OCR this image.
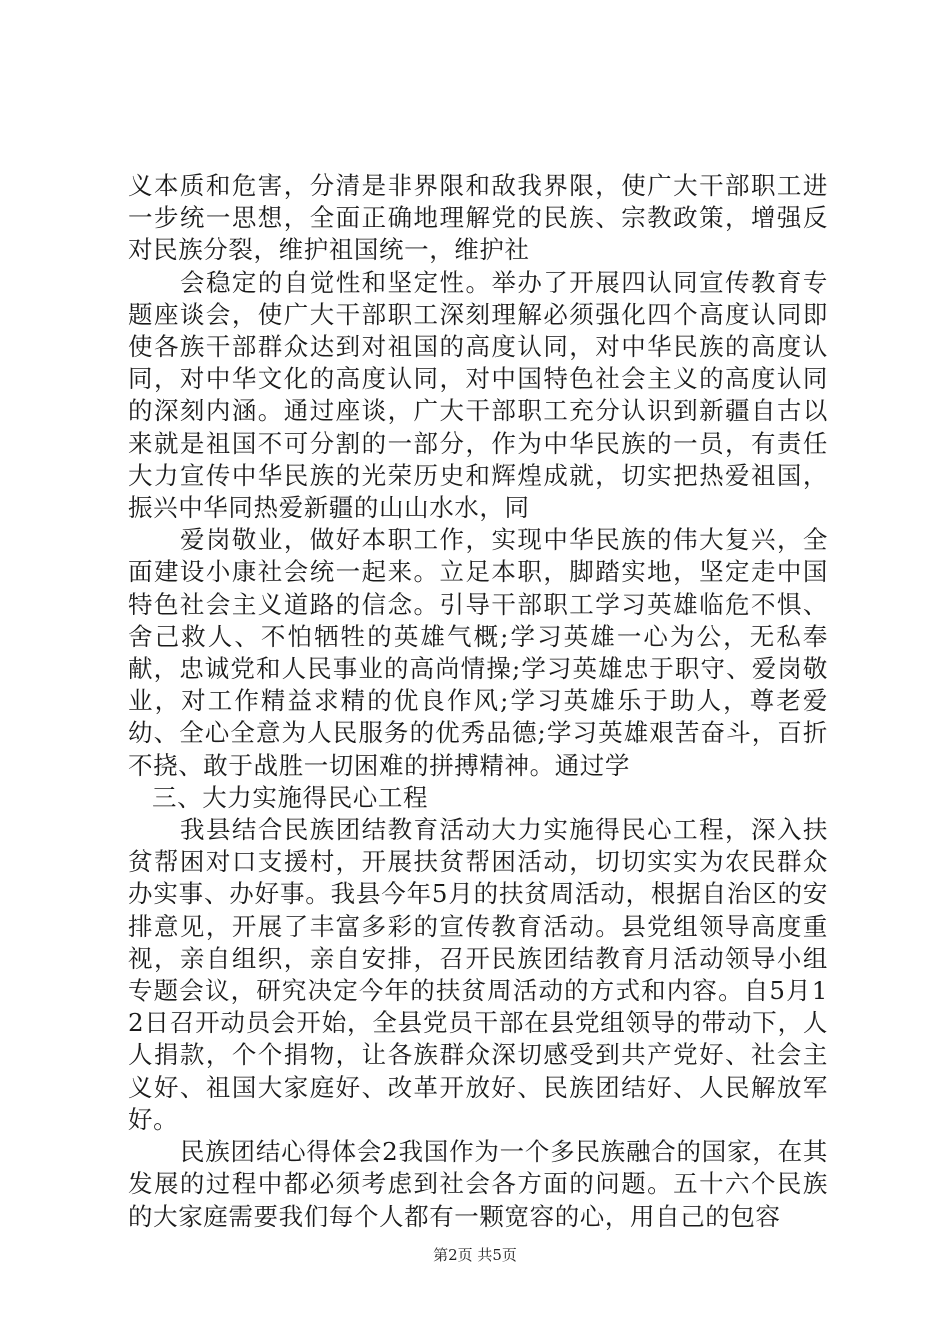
义本质和危害，分清是非界限和敌我界限，使广大干部职工进一步统一思想，全面正确地理解党的民族、宗教政策，增强反对民族分裂，维护祖国统一，维护社

会稳定的自觉性和坚定性。举办了开展四认同宣传教育专题座谈会，使广大干部职工深刻理解必须强化四个高度认同即使各族干部群众达到对祖国的高度认同，对中华民族的高度认同，对中华文化的高度认同，对中国特色社会主义的高度认同的深刻内涵。通过座谈，广大干部职工充分认识到新疆自古以来就是祖国不可分割的一部分，作为中华民族的一员，有责任大力宣传中华民族的光荣历史和辉煌成就，切实把热爱祖国，振兴中华同热爱新疆的山山水水，同

爱岗敬业，做好本职工作，实现中华民族的伟大复兴，全面建设小康社会统一起来。立足本职，脚踏实地，坚定走中国特色社会主义道路的信念。引导干部职工学习英雄临危不惧、舍己救人、不怕牺牲的英雄气概;学习英雄一心为公，无私奉献，忠诚党和人民事业的高尚情操;学习英雄忠于职守、爱岗敬业，对工作精益求精的优良作风;学习英雄乐于助人，尊老爱幼、全心全意为人民服务的优秀品德;学习英雄艰苦奋斗，百折不挠、敢于战胜一切困难的拼搏精神。通过学

三、大力实施得民心工程

我县结合民族团结教育活动大力实施得民心工程，深入扶贫帮困对口支援村，开展扶贫帮困活动，切切实实为农民群众办实事、办好事。我县今年5月的扶贫周活动，根据自治区的安排意见，开展了丰富多彩的宣传教育活动。县党组领导高度重视，亲自组织，亲自安排，召开民族团结教育月活动领导小组专题会议，研究决定今年的扶贫周活动的方式和内容。自5月12日召开动员会开始，全县党员干部在县党组领导的带动下，人人捐款，个个捐物，让各族群众深切感受到共产党好、社会主义好、祖国大家庭好、改革开放好、民族团结好、人民解放军好。

民族团结心得体会2我国作为一个多民族融合的国家，在其发展的过程中都必须考虑到社会各方面的问题。五十六个民族的大家庭需要我们每个人都有一颗宽容的心，用自己的包容

第2页 共5页
